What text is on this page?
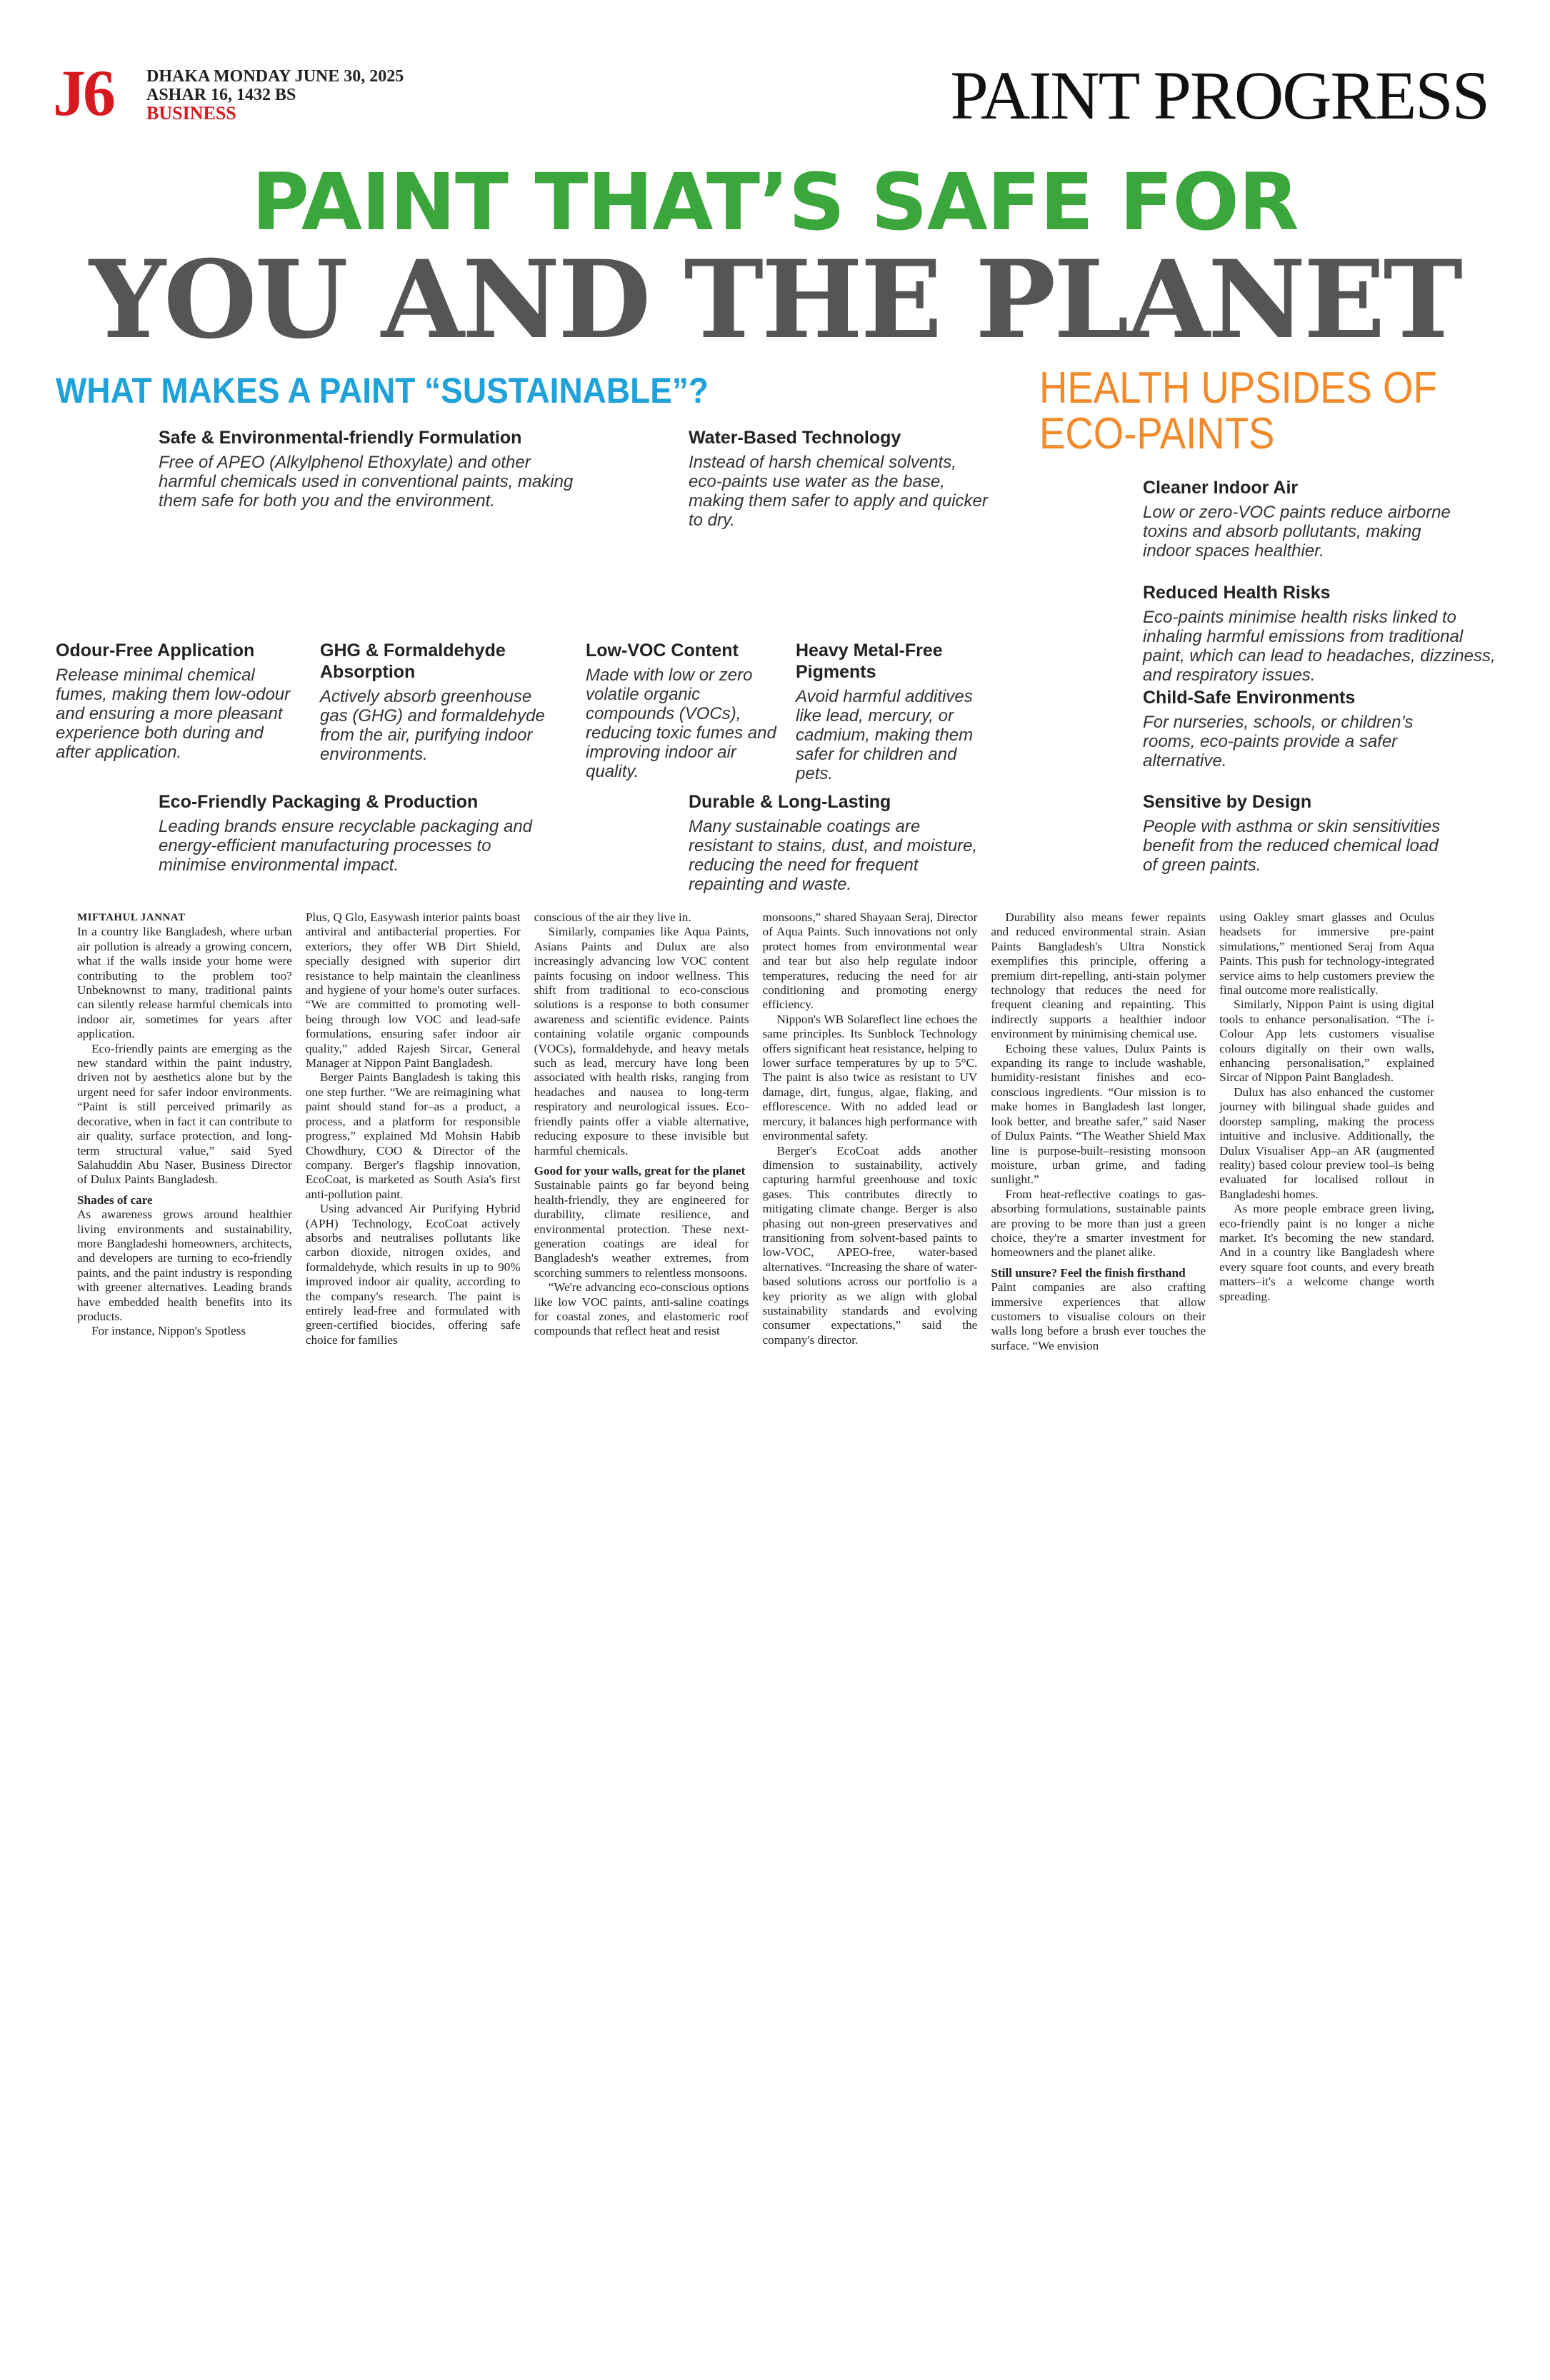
J6 DHAKA MONDAY JUNE 30, 2025
ASHAR 16, 1432 BS
BUSINESS	PAINT PROGRESS
PAINT THAT’S SAFE FOR
YOU AND THE PLANET
WHAT MAKES A PAINT “SUSTAINABLE”?
Safe & Environmental-friendly Formulation
Free of APEO (Alkylphenol Ethoxylate) and other harmful chemicals used in conventional paints, making them safe for both you and the environment.
Water-Based Technology
Instead of harsh chemical solvents, eco-paints use water as the base, making them safer to apply and quicker to dry.
Odour-Free Application
Release minimal chemical fumes, making them low-odour and ensuring a more pleasant experience both during and after application.
GHG & Formaldehyde Absorption
Actively absorb greenhouse gas (GHG) and formaldehyde from the air, purifying indoor environments.
Low-VOC Content
Made with low or zero volatile organic compounds (VOCs), reducing toxic fumes and improving indoor air quality.
Heavy Metal-Free Pigments
Avoid harmful additives like lead, mercury, or cadmium, making them safer for children and pets.
Eco-Friendly Packaging & Production
Leading brands ensure recyclable packaging and energy-efficient manufacturing processes to minimise environmental impact.
Durable & Long-Lasting
Many sustainable coatings are resistant to stains, dust, and moisture, reducing the need for frequent repainting and waste.
HEALTH UPSIDES OF ECO-PAINTS
Cleaner Indoor Air
Low or zero-VOC paints reduce airborne toxins and absorb pollutants, making indoor spaces healthier.
Reduced Health Risks
Eco-paints minimise health risks linked to inhaling harmful emissions from traditional paint, which can lead to headaches, dizziness, and respiratory issues.
Child-Safe Environments
For nurseries, schools, or children’s rooms, eco-paints provide a safer alternative.
Sensitive by Design
People with asthma or skin sensitivities benefit from the reduced chemical load of green paints.

MIFTAHUL JANNAT

In a country like Bangladesh, where urban air pollution is already a growing concern, what if the walls inside your home were contributing to the problem too? Unbeknownst to many, traditional paints can silently release harmful chemicals into indoor air, sometimes for years after application.

Eco-friendly paints are emerging as the new standard within the paint industry, driven not by aesthetics alone but by the urgent need for safer indoor environments. “Paint is still perceived primarily as decorative, when in fact it can contribute to air quality, surface protection, and long-term structural value,” said Syed Salahuddin Abu Naser, Business Director of Dulux Paints Bangladesh.

Shades of care

As awareness grows around healthier living environments and sustainability, more Bangladeshi homeowners, architects, and developers are turning to eco-friendly paints, and the paint industry is responding with greener alternatives. Leading brands have embedded health benefits into its products.

For instance, Nippon's Spotless

Plus, Q Glo, Easywash interior paints boast antiviral and antibacterial properties. For exteriors, they offer WB Dirt Shield, specially designed with superior dirt resistance to help maintain the cleanliness and hygiene of your home's outer surfaces. “We are committed to promoting well-being through low VOC and lead-safe formulations, ensuring safer indoor air quality,” added Rajesh Sircar, General Manager at Nippon Paint Bangladesh.

Berger Paints Bangladesh is taking this one step further. “We are reimagining what paint should stand for–as a product, a process, and a platform for responsible progress,” explained Md Mohsin Habib Chowdhury, COO & Director of the company. Berger's flagship innovation, EcoCoat, is marketed as South Asia's first anti-pollution paint.

Using advanced Air Purifying Hybrid (APH) Technology, EcoCoat actively absorbs and neutralises pollutants like carbon dioxide, nitrogen oxides, and formaldehyde, which results in up to 90% improved indoor air quality, according to the company's research. The paint is entirely lead-free and formulated with green-certified biocides, offering safe choice for families

conscious of the air they live in.

Similarly, companies like Aqua Paints, Asians Paints and Dulux are also increasingly advancing low VOC content paints focusing on indoor wellness. This shift from traditional to eco-conscious solutions is a response to both consumer awareness and scientific evidence. Paints containing volatile organic compounds (VOCs), formaldehyde, and heavy metals such as lead, mercury have long been associated with health risks, ranging from headaches and nausea to long-term respiratory and neurological issues. Eco-friendly paints offer a viable alternative, reducing exposure to these invisible but harmful chemicals.

Good for your walls, great for the planet

Sustainable paints go far beyond being health-friendly, they are engineered for durability, climate resilience, and environmental protection. These next-generation coatings are ideal for Bangladesh's weather extremes, from scorching summers to relentless monsoons.

“We're advancing eco-conscious options like low VOC paints, anti-saline coatings for coastal zones, and elastomeric roof compounds that reflect heat and resist

monsoons,” shared Shayaan Seraj, Director of Aqua Paints. Such innovations not only protect homes from environmental wear and tear but also help regulate indoor temperatures, reducing the need for air conditioning and promoting energy efficiency.

Nippon's WB Solareflect line echoes the same principles. Its Sunblock Technology offers significant heat resistance, helping to lower surface temperatures by up to 5°C. The paint is also twice as resistant to UV damage, dirt, fungus, algae, flaking, and efflorescence. With no added lead or mercury, it balances high performance with environmental safety.

Berger's EcoCoat adds another dimension to sustainability, actively capturing harmful greenhouse and toxic gases. This contributes directly to mitigating climate change. Berger is also phasing out non-green preservatives and transitioning from solvent-based paints to low-VOC, APEO-free, water-based alternatives. “Increasing the share of water-based solutions across our portfolio is a key priority as we align with global sustainability standards and evolving consumer expectations,” said the company's director.

Durability also means fewer repaints and reduced environmental strain. Asian Paints Bangladesh's Ultra Nonstick exemplifies this principle, offering a premium dirt-repelling, anti-stain polymer technology that reduces the need for frequent cleaning and repainting. This indirectly supports a healthier indoor environment by minimising chemical use.

Echoing these values, Dulux Paints is expanding its range to include washable, humidity-resistant finishes and eco-conscious ingredients. “Our mission is to make homes in Bangladesh last longer, look better, and breathe safer,” said Naser of Dulux Paints. “The Weather Shield Max line is purpose-built–resisting monsoon moisture, urban grime, and fading sunlight.”

From heat-reflective coatings to gas-absorbing formulations, sustainable paints are proving to be more than just a green choice, they're a smarter investment for homeowners and the planet alike.

Still unsure? Feel the finish firsthand

Paint companies are also crafting immersive experiences that allow customers to visualise colours on their walls long before a brush ever touches the surface. “We envision

using Oakley smart glasses and Oculus headsets for immersive pre-paint simulations,” mentioned Seraj from Aqua Paints. This push for technology-integrated service aims to help customers preview the final outcome more realistically.

Similarly, Nippon Paint is using digital tools to enhance personalisation. “The i-Colour App lets customers visualise colours digitally on their own walls, enhancing personalisation,” explained Sircar of Nippon Paint Bangladesh.

Dulux has also enhanced the customer journey with bilingual shade guides and doorstep sampling, making the process intuitive and inclusive. Additionally, the Dulux Visualiser App–an AR (augmented reality) based colour preview tool–is being evaluated for localised rollout in Bangladeshi homes.

As more people embrace green living, eco-friendly paint is no longer a niche market. It's becoming the new standard. And in a country like Bangladesh where every square foot counts, and every breath matters–it's a welcome change worth spreading.
